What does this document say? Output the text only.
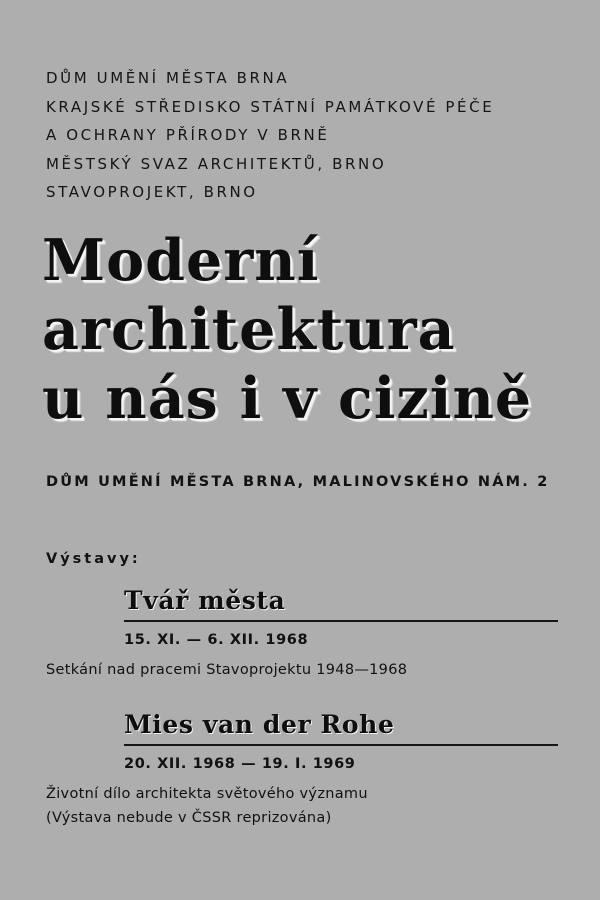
DŮM UMĚNÍ MĚSTA BRNA
KRAJSKÉ STŘEDISKO STÁTNÍ PAMÁTKOVÉ PÉČE
A OCHRANY PŘÍRODY V BRNĚ
MĚSTSKÝ SVAZ ARCHITEKTŮ, BRNO
STAVOPROJEKT, BRNO
Moderní
architektura
u nás i v cizině
DŮM UMĚNÍ MĚSTA BRNA, MALINOVSKÉHO NÁM. 2
Výstavy:
Tvář města
15. XI. — 6. XII. 1968
Setkání nad pracemi Stavoprojektu 1948—1968
Mies van der Rohe
20. XII. 1968 — 19. I. 1969
Životní dílo architekta světového významu
(Výstava nebude v ČSSR reprizována)
